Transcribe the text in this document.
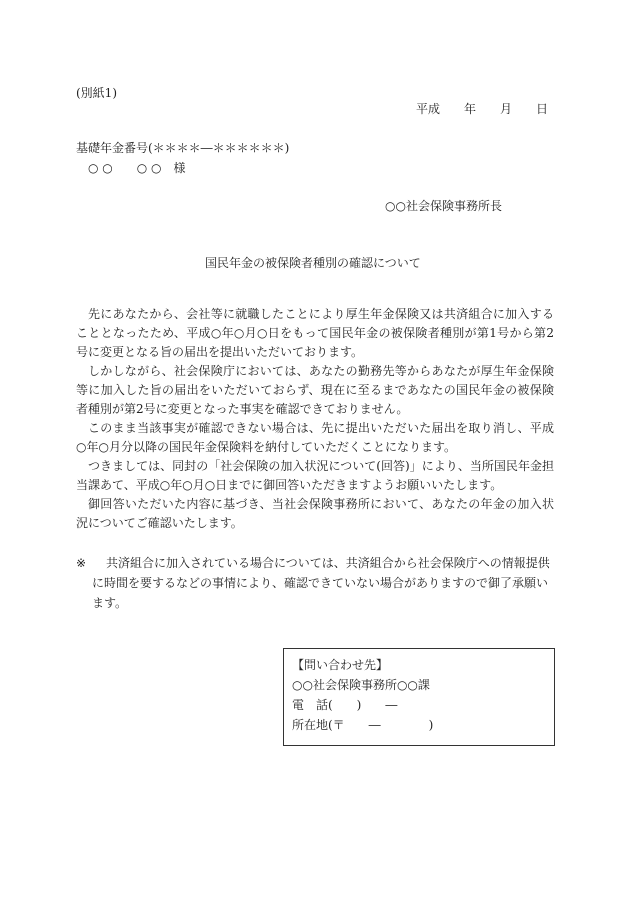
(別紙1)
平成　　年　　月　　日
基礎年金番号(＊＊＊＊―＊＊＊＊＊＊)
○ ○　　○ ○　様
○○社会保険事務所長
国民年金の被保険者種別の確認について

先にあなたから、会社等に就職したことにより厚生年金保険又は共済組合に加入することとなったため、平成○年○月○日をもって国民年金の被保険者種別が第1号から第2号に変更となる旨の届出を提出いただいております。

しかしながら、社会保険庁においては、あなたの勤務先等からあなたが厚生年金保険等に加入した旨の届出をいただいておらず、現在に至るまであなたの国民年金の被保険者種別が第2号に変更となった事実を確認できておりません。

このまま当該事実が確認できない場合は、先に提出いただいた届出を取り消し、平成○年○月分以降の国民年金保険料を納付していただくことになります。

つきましては、同封の「社会保険の加入状況について(回答)」により、当所国民年金担当課あて、平成○年○月○日までに御回答いただきますようお願いいたします。

御回答いただいた内容に基づき、当社会保険事務所において、あなたの年金の加入状況についてご確認いたします。

※	共済組合に加入されている場合については、共済組合から社会保険庁への情報提供に時間を要するなどの事情により、確認できていない場合がありますので御了承願います。
【問い合わせ先】
○○社会保険事務所○○課
電　話(　　)　　―
所在地(〒　　―　　　　)
